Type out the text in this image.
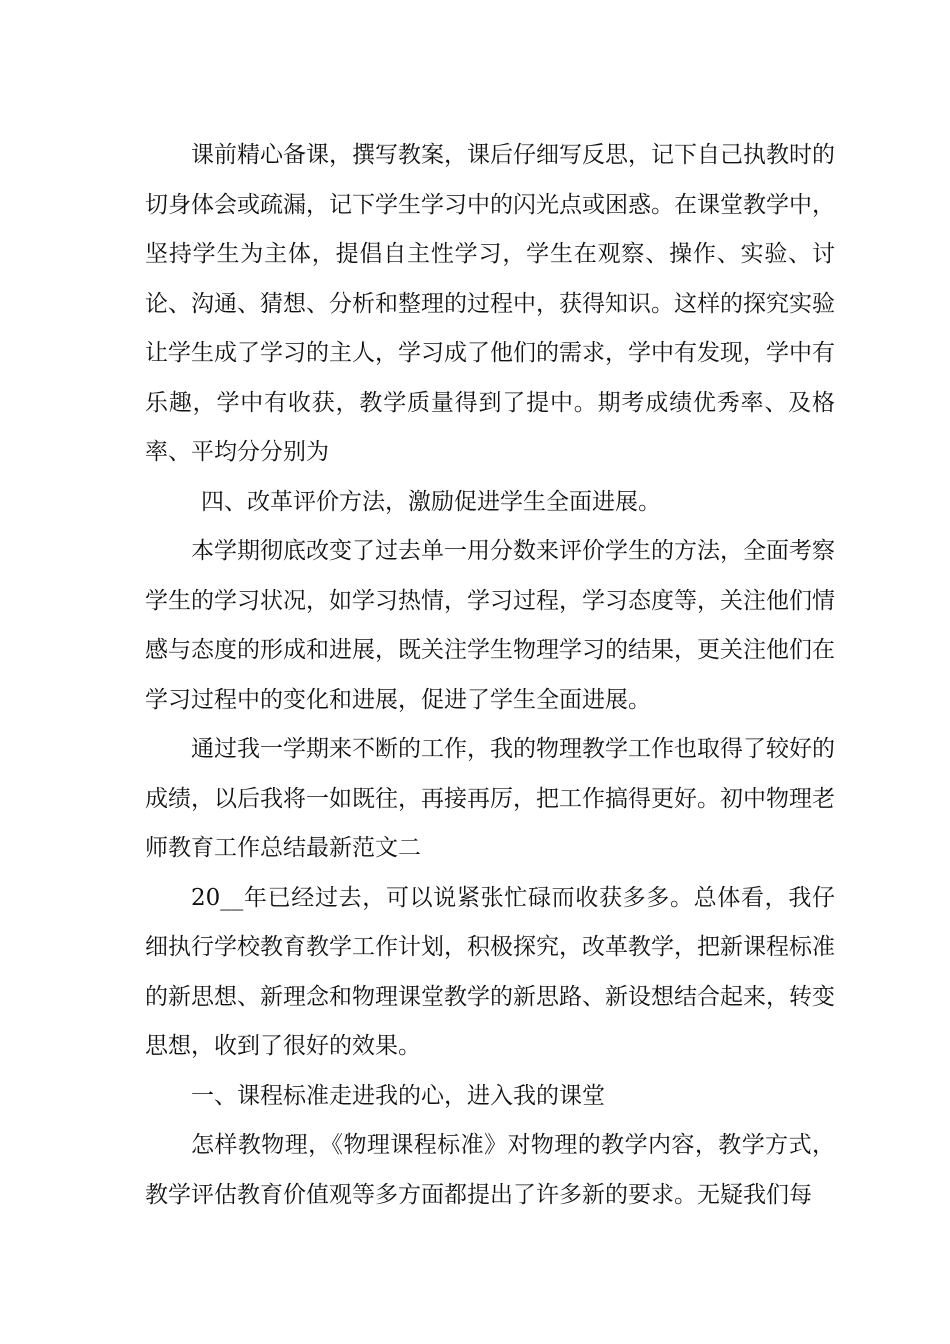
课前精心备课，撰写教案，课后仔细写反思，记下自己执教时的切身体会或疏漏，记下学生学习中的闪光点或困惑。在课堂教学中，坚持学生为主体，提倡自主性学习，学生在观察、操作、实验、讨论、沟通、猜想、分析和整理的过程中，获得知识。这样的探究实验让学生成了学习的主人，学习成了他们的需求，学中有发现，学中有乐趣，学中有收获，教学质量得到了提中。期考成绩优秀率、及格率、平均分分别为

四、改革评价方法，激励促进学生全面进展。

本学期彻底改变了过去单一用分数来评价学生的方法，全面考察学生的学习状况，如学习热情，学习过程，学习态度等，关注他们情感与态度的形成和进展，既关注学生物理学习的结果，更关注他们在学习过程中的变化和进展，促进了学生全面进展。

通过我一学期来不断的工作，我的物理教学工作也取得了较好的成绩，以后我将一如既往，再接再厉，把工作搞得更好。初中物理老师教育工作总结最新范文二

20__年已经过去，可以说紧张忙碌而收获多多。总体看，我仔细执行学校教育教学工作计划，积极探究，改革教学，把新课程标准的新思想、新理念和物理课堂教学的新思路、新设想结合起来，转变思想，收到了很好的效果。

一、课程标准走进我的心，进入我的课堂

怎样教物理，《物理课程标准》对物理的教学内容，教学方式，教学评估教育价值观等多方面都提出了许多新的要求。无疑我们每
